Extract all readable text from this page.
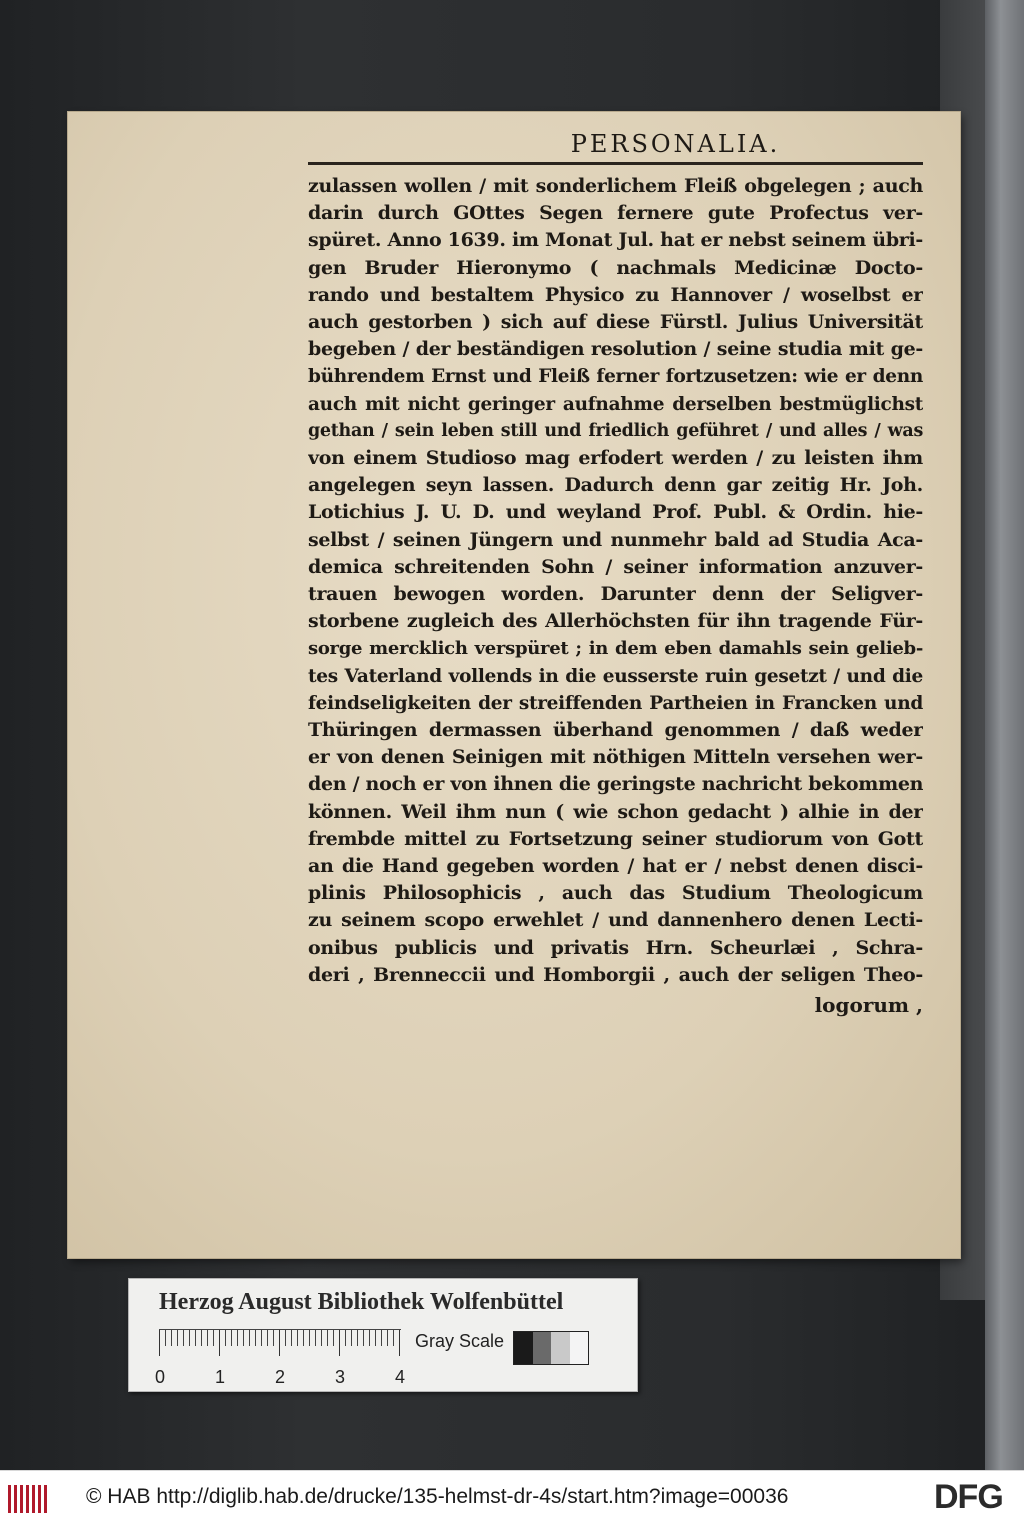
PERSONALIA.
zulassen wollen / mit sonderlichem Fleiß obgelegen ; auch
darin durch GOttes Segen fernere gute Profectus ver-
spüret. Anno 1639. im Monat Jul. hat er nebst seinem übri-
gen Bruder Hieronymo ( nachmals Medicinæ Docto-
rando und bestaltem Physico zu Hannover / woselbst er
auch gestorben ) sich auf diese Fürstl. Julius Universität
begeben / der beständigen resolution / seine studia mit ge-
bührendem Ernst und Fleiß ferner fortzusetzen: wie er denn
auch mit nicht geringer aufnahme derselben bestmüglichst
gethan / sein leben still und friedlich geführet / und alles / was
von einem Studioso mag erfodert werden / zu leisten ihm
angelegen seyn lassen. Dadurch denn gar zeitig Hr. Joh.
Lotichius J. U. D. und weyland Prof. Publ. & Ordin. hie-
selbst / seinen Jüngern und nunmehr bald ad Studia Aca-
demica schreitenden Sohn / seiner information anzuver-
trauen bewogen worden. Darunter denn der Seligver-
storbene zugleich des Allerhöchsten für ihn tragende Für-
sorge mercklich verspüret ; in dem eben damahls sein gelieb-
tes Vaterland vollends in die eusserste ruin gesetzt / und die
feindseligkeiten der streiffenden Partheien in Francken und
Thüringen dermassen überhand genommen / daß weder
er von denen Seinigen mit nöthigen Mitteln versehen wer-
den / noch er von ihnen die geringste nachricht bekommen
können. Weil ihm nun ( wie schon gedacht ) alhie in der
frembde mittel zu Fortsetzung seiner studiorum von Gott
an die Hand gegeben worden / hat er / nebst denen disci-
plinis Philosophicis , auch das Studium Theologicum
zu seinem scopo erwehlet / und dannenhero denen Lecti-
onibus publicis und privatis Hrn. Scheurlæi , Schra-
deri , Brenneccii und Homborgii , auch der seligen Theo-
logorum ,
Herzog August Bibliothek Wolfenbüttel
0	1	2	3	4
Gray Scale
© HAB http://diglib.hab.de/drucke/135-helmst-dr-4s/start.htm?image=00036	DFG
